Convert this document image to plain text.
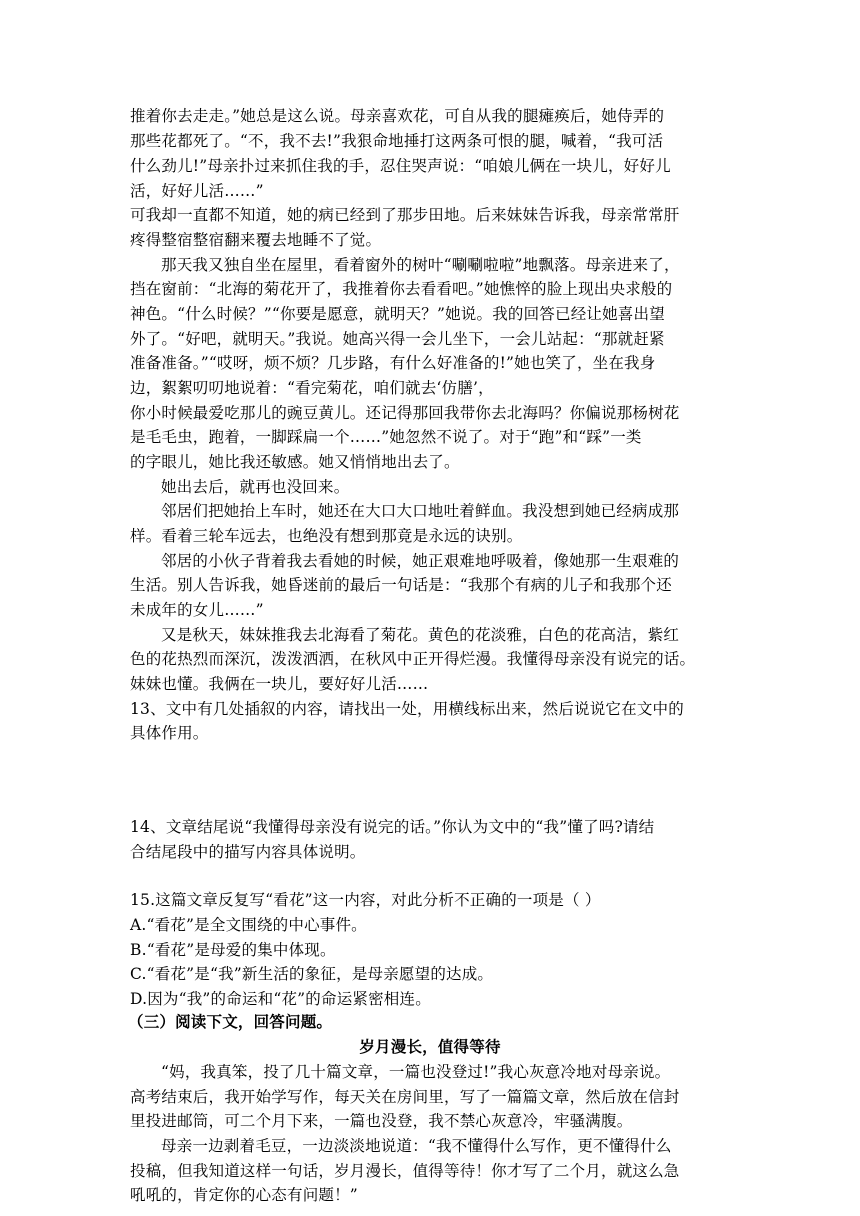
推着你去走走。”她总是这么说。母亲喜欢花，可自从我的腿瘫痪后，她侍弄的
那些花都死了。“不，我不去!”我狠命地捶打这两条可恨的腿，喊着，“我可活
什么劲儿!”母亲扑过来抓住我的手，忍住哭声说：“咱娘儿俩在一块儿，好好儿
活，好好儿活……”
可我却一直都不知道，她的病已经到了那步田地。后来妹妹告诉我，母亲常常肝
疼得整宿整宿翻来覆去地睡不了觉。
那天我又独自坐在屋里，看着窗外的树叶“唰唰啦啦”地飘落。母亲进来了，
挡在窗前：“北海的菊花开了，我推着你去看看吧。”她憔悴的脸上现出央求般的
神色。“什么时候？”“你要是愿意，就明天？”她说。我的回答已经让她喜出望
外了。“好吧，就明天。”我说。她高兴得一会儿坐下，一会儿站起：“那就赶紧
准备准备。”“哎呀，烦不烦？几步路，有什么好准备的!”她也笑了，坐在我身
边，絮絮叨叨地说着：“看完菊花，咱们就去‘仿膳’，
你小时候最爱吃那儿的豌豆黄儿。还记得那回我带你去北海吗？你偏说那杨树花
是毛毛虫，跑着，一脚踩扁一个……”她忽然不说了。对于“跑”和“踩”一类
的字眼儿，她比我还敏感。她又悄悄地出去了。
她出去后，就再也没回来。
邻居们把她抬上车时，她还在大口大口地吐着鲜血。我没想到她已经病成那
样。看着三轮车远去，也绝没有想到那竟是永远的诀别。
邻居的小伙子背着我去看她的时候，她正艰难地呼吸着，像她那一生艰难的
生活。别人告诉我，她昏迷前的最后一句话是：“我那个有病的儿子和我那个还
未成年的女儿……”
又是秋天，妹妹推我去北海看了菊花。黄色的花淡雅，白色的花高洁，紫红
色的花热烈而深沉，泼泼洒洒，在秋风中正开得烂漫。我懂得母亲没有说完的话。
妹妹也懂。我俩在一块儿，要好好儿活……
13、文中有几处插叙的内容，请找出一处，用横线标出来，然后说说它在文中的
具体作用。
14、文章结尾说“我懂得母亲没有说完的话。”你认为文中的“我”懂了吗?请结
合结尾段中的描写内容具体说明。
15.这篇文章反复写“看花”这一内容，对此分析不正确的一项是（ ）
A.“看花”是全文围绕的中心事件。
B.“看花”是母爱的集中体现。
C.“看花”是“我”新生活的象征，是母亲愿望的达成。
D.因为“我”的命运和“花”的命运紧密相连。
（三）阅读下文，回答问题。
岁月漫长，值得等待
“妈，我真笨，投了几十篇文章，一篇也没登过!”我心灰意冷地对母亲说。
高考结束后，我开始学写作，每天关在房间里，写了一篇篇文章，然后放在信封
里投进邮筒，可二个月下来，一篇也没登，我不禁心灰意冷，牢骚满腹。
母亲一边剥着毛豆，一边淡淡地说道：“我不懂得什么写作，更不懂得什么
投稿，但我知道这样一句话，岁月漫长，值得等待！你才写了二个月，就这么急
吼吼的，肯定你的心态有问题！”
